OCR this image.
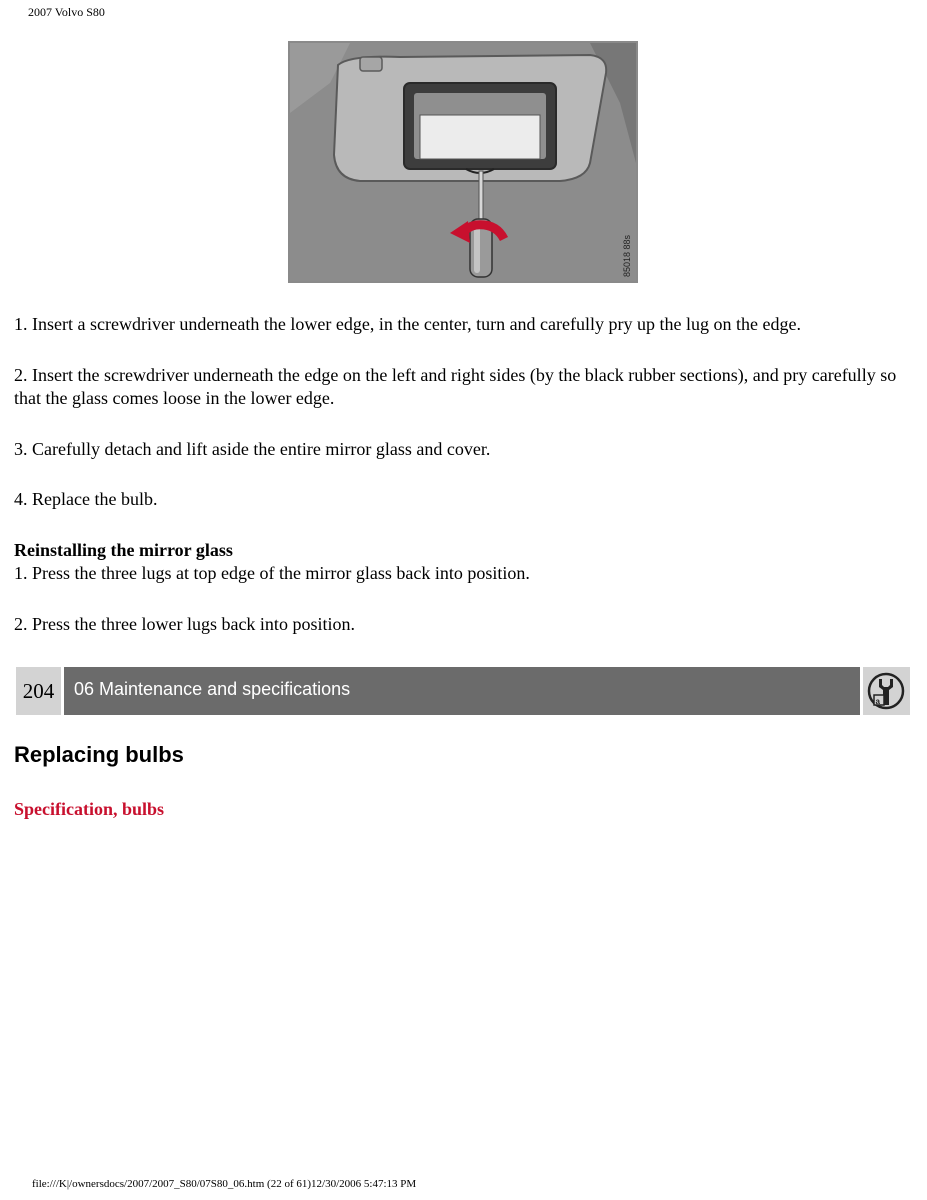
2007 Volvo S80
85018 88s

1. Insert a screwdriver underneath the lower edge, in the center, turn and carefully pry up the lug on the edge.

2. Insert the screwdriver underneath the edge on the left and right sides (by the black rubber sections), and pry carefully so that the glass comes loose in the lower edge.

3. Carefully detach and lift aside the entire mirror glass and cover.

4. Replace the bulb.

Reinstalling the mirror glass

1. Press the three lugs at top edge of the mirror glass back into position.

2. Press the three lower lugs back into position.

204	06 Maintenance and specifications
a
Replacing bulbs
Specification, bulbs
file:///K|/ownersdocs/2007/2007_S80/07S80_06.htm (22 of 61)12/30/2006 5:47:13 PM
